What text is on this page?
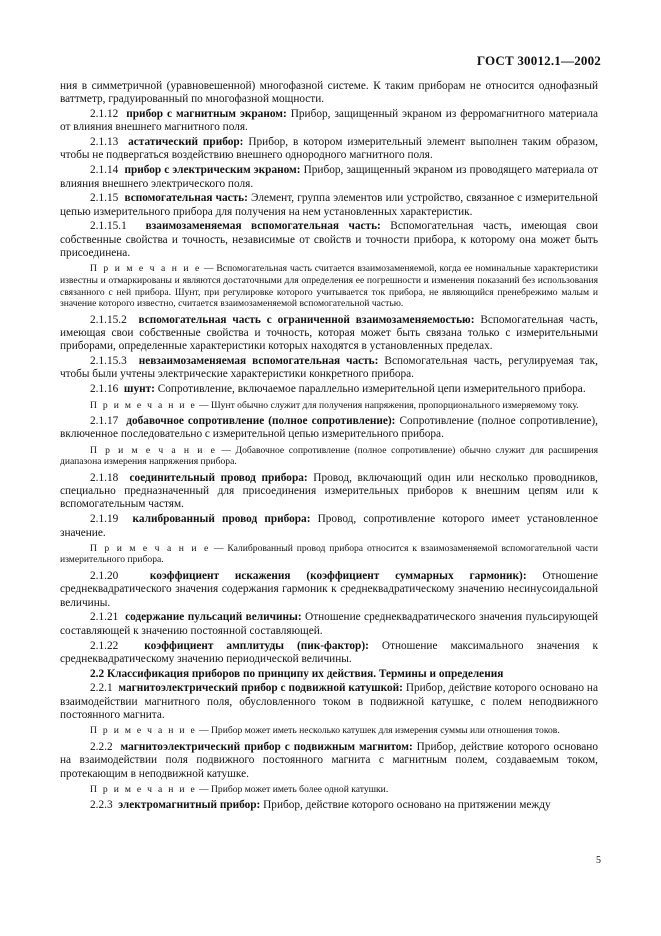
ГОСТ 30012.1—2002
ния в симметричной (уравновешенной) многофазной системе. К таким приборам не относится однофазный ваттметр, градуированный по многофазной мощности.
2.1.12 прибор с магнитным экраном: Прибор, защищенный экраном из ферромагнитного материала от влияния внешнего магнитного поля.
2.1.13 астатический прибор: Прибор, в котором измерительный элемент выполнен таким образом, чтобы не подвергаться воздействию внешнего однородного магнитного поля.
2.1.14 прибор с электрическим экраном: Прибор, защищенный экраном из проводящего материала от влияния внешнего электрического поля.
2.1.15 вспомогательная часть: Элемент, группа элементов или устройство, связанное с измерительной цепью измерительного прибора для получения на нем установленных характеристик.
2.1.15.1 взаимозаменяемая вспомогательная часть: Вспомогательная часть, имеющая свои собственные свойства и точность, независимые от свойств и точности прибора, к которому она может быть присоединена.
П р и м е ч а н и е — Вспомогательная часть считается взаимозаменяемой, когда ее номинальные характеристики известны и отмаркированы и являются достаточными для определения ее погрешности и изменения показаний без использования связанного с ней прибора. Шунт, при регулировке которого учитывается ток прибора, не являющийся пренебрежимо малым и значение которого известно, считается взаимозаменяемой вспомогательной частью.
2.1.15.2 вспомогательная часть с ограниченной взаимозаменяемостью: Вспомогательная часть, имеющая свои собственные свойства и точность, которая может быть связана только с измерительными приборами, определенные характеристики которых находятся в установленных пределах.
2.1.15.3 невзаимозаменяемая вспомогательная часть: Вспомогательная часть, регулируемая так, чтобы были учтены электрические характеристики конкретного прибора.
2.1.16 шунт: Сопротивление, включаемое параллельно измерительной цепи измерительного прибора.
П р и м е ч а н и е — Шунт обычно служит для получения напряжения, пропорционального измеряемому току.
2.1.17 добавочное сопротивление (полное сопротивление): Сопротивление (полное сопротивление), включенное последовательно с измерительной цепью измерительного прибора.
П р и м е ч а н и е — Добавочное сопротивление (полное сопротивление) обычно служит для расширения диапазона измерения напряжения прибора.
2.1.18 соединительный провод прибора: Провод, включающий один или несколько проводников, специально предназначенный для присоединения измерительных приборов к внешним цепям или к вспомогательным частям.
2.1.19 калиброванный провод прибора: Провод, сопротивление которого имеет установленное значение.
П р и м е ч а н и е — Калиброванный провод прибора относится к взаимозаменяемой вспомогательной части измерительного прибора.
2.1.20	коэффициент искажения (коэффициент суммарных гармоник): Отношение среднеквадратического значения содержания гармоник к среднеквадратическому значению несинусоидальной величины.
2.1.21 содержание пульсаций величины: Отношение среднеквадратического значения пульсирующей составляющей к значению постоянной составляющей.
2.1.22 коэффициент амплитуды (пик-фактор): Отношение максимального значения к среднеквадратическому значению периодической величины.
2.2 Классификация приборов по принципу их действия. Термины и определения
2.2.1 магнитоэлектрический прибор с подвижной катушкой: Прибор, действие которого основано на взаимодействии магнитного поля, обусловленного током в подвижной катушке, с полем неподвижного постоянного магнита.
П р и м е ч а н и е — Прибор может иметь несколько катушек для измерения суммы или отношения токов.
2.2.2 магнитоэлектрический прибор с подвижным магнитом: Прибор, действие которого основано на взаимодействии поля подвижного постоянного магнита с магнитным полем, создаваемым током, протекающим в неподвижной катушке.
П р и м е ч а н и е — Прибор может иметь более одной катушки.
2.2.3 электромагнитный прибор: Прибор, действие которого основано на притяжении между
5
